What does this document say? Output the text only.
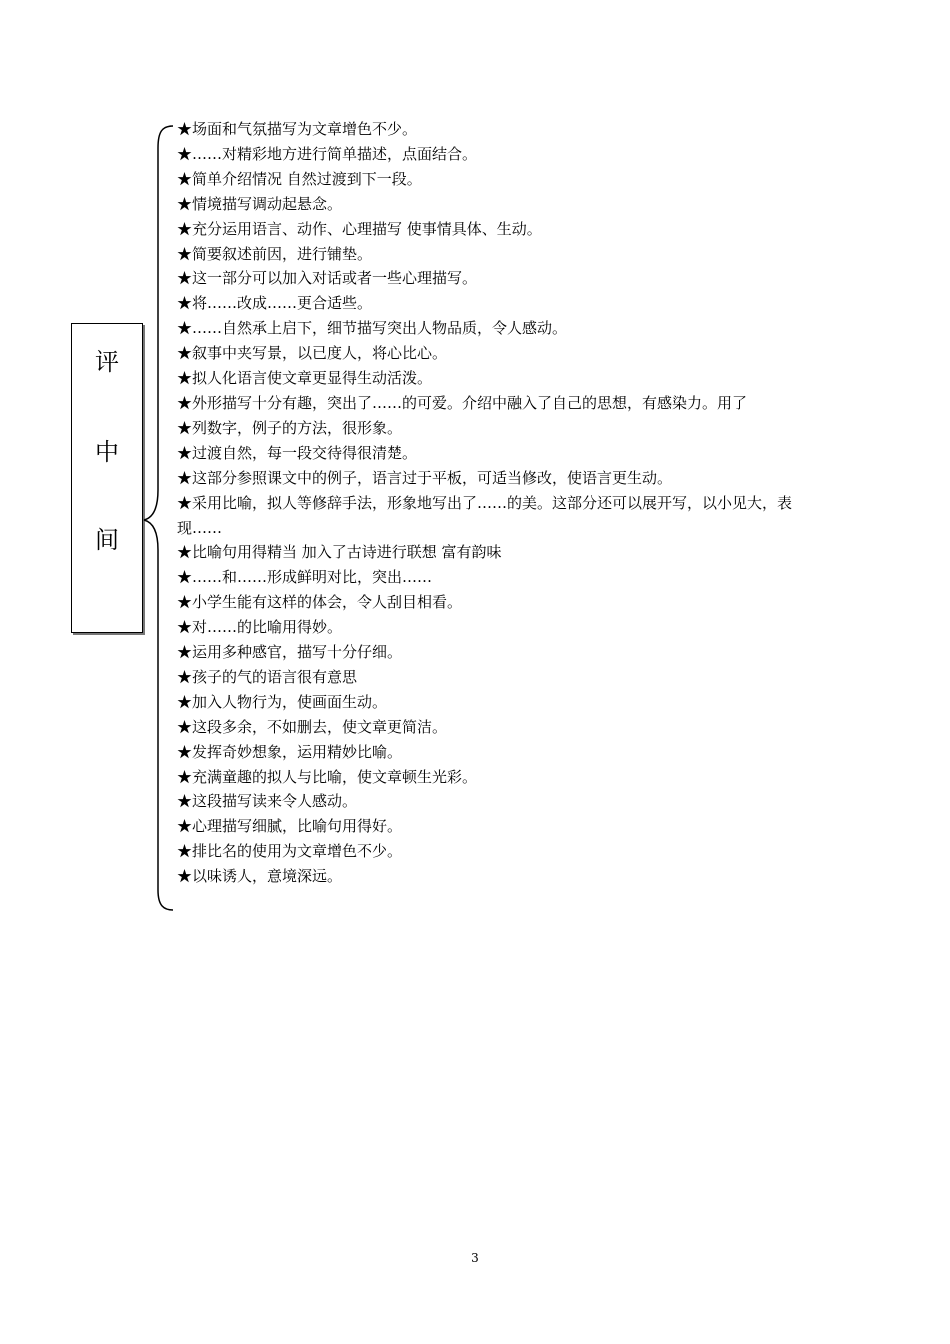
评
中
间
★场面和气氛描写为文章增色不少。
★……对精彩地方进行简单描述，点面结合。
★简单介绍情况 自然过渡到下一段。
★情境描写调动起悬念。
★充分运用语言、动作、心理描写 使事情具体、生动。
★简要叙述前因，进行铺垫。
★这一部分可以加入对话或者一些心理描写。
★将……改成……更合适些。
★……自然承上启下，细节描写突出人物品质，令人感动。
★叙事中夹写景，以已度人，将心比心。
★拟人化语言使文章更显得生动活泼。
★外形描写十分有趣，突出了……的可爱。介绍中融入了自己的思想，有感染力。用了
★列数字，例子的方法，很形象。
★过渡自然，每一段交待得很清楚。
★这部分参照课文中的例子，语言过于平板，可适当修改，使语言更生动。
★采用比喻，拟人等修辞手法，形象地写出了……的美。这部分还可以展开写，以小见大，表现……
★比喻句用得精当 加入了古诗进行联想 富有韵味
★……和……形成鲜明对比，突出……
★小学生能有这样的体会，令人刮目相看。
★对……的比喻用得妙。
★运用多种感官，描写十分仔细。
★孩子的气的语言很有意思
★加入人物行为，使画面生动。
★这段多余，不如删去，使文章更简洁。
★发挥奇妙想象，运用精妙比喻。
★充满童趣的拟人与比喻，使文章顿生光彩。
★这段描写读来令人感动。
★心理描写细腻，比喻句用得好。
★排比名的使用为文章增色不少。
★以味诱人，意境深远。
3
